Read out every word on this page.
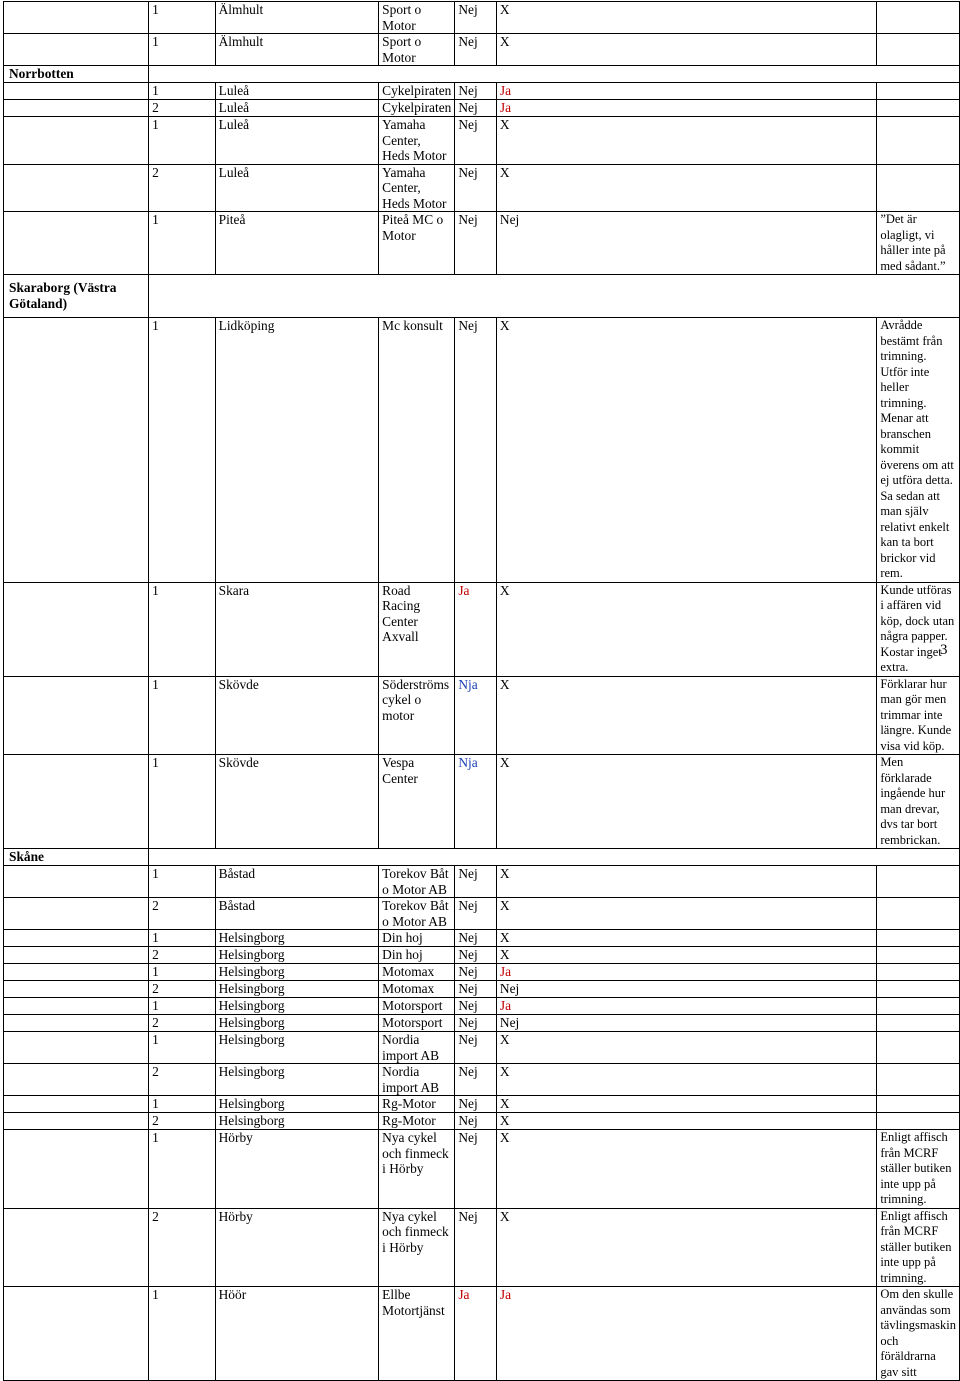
	1	Älmhult	Sport o Motor	Nej	X	
	1	Älmhult	Sport o Motor	Nej	X	
Norrbotten						
	1	Luleå	Cykelpiraten	Nej	Ja	
	2	Luleå	Cykelpiraten	Nej	Ja	
	1	Luleå	Yamaha Center, Heds Motor	Nej	X	
	2	Luleå	Yamaha Center, Heds Motor	Nej	X	
	1	Piteå	Piteå MC o Motor	Nej	Nej	”Det är olagligt, vi håller inte på med sådant.”
Skaraborg (Västra Götaland)						
	1	Lidköping	Mc konsult	Nej	X	Avrådde bestämt från trimning. Utför inte heller trimning. Menar att branschen kommit överens om att ej utföra detta. Sa sedan att man själv relativt enkelt kan ta bort brickor vid rem.
	1	Skara	Road Racing Center Axvall	Ja	X	Kunde utföras i affären vid köp, dock utan några papper. Kostar inget extra.
	1	Skövde	Söderströms cykel o motor	Nja	X	Förklarar hur man gör men trimmar inte längre. Kunde visa vid köp.
	1	Skövde	Vespa Center	Nja	X	Men förklarade ingående hur man drevar, dvs tar bort rembrickan.
Skåne						
	1	Båstad	Torekov Båt o Motor AB	Nej	X	
	2	Båstad	Torekov Båt o Motor AB	Nej	X	
	1	Helsingborg	Din hoj	Nej	X	
	2	Helsingborg	Din hoj	Nej	X	
	1	Helsingborg	Motomax	Nej	Ja	
	2	Helsingborg	Motomax	Nej	Nej	
	1	Helsingborg	Motorsport	Nej	Ja	
	2	Helsingborg	Motorsport	Nej	Nej	
	1	Helsingborg	Nordia import AB	Nej	X	
	2	Helsingborg	Nordia import AB	Nej	X	
	1	Helsingborg	Rg-Motor	Nej	X	
	2	Helsingborg	Rg-Motor	Nej	X	
	1	Hörby	Nya cykel och finmeck i Hörby	Nej	X	Enligt affisch från MCRF ställer butiken inte upp på trimning.
	2	Hörby	Nya cykel och finmeck i Hörby	Nej	X	Enligt affisch från MCRF ställer butiken inte upp på trimning.
	1	Höör	Ellbe Motortjänst	Ja	Ja	Om den skulle användas som tävlingsmaskin och föräldrarna gav sitt
3
